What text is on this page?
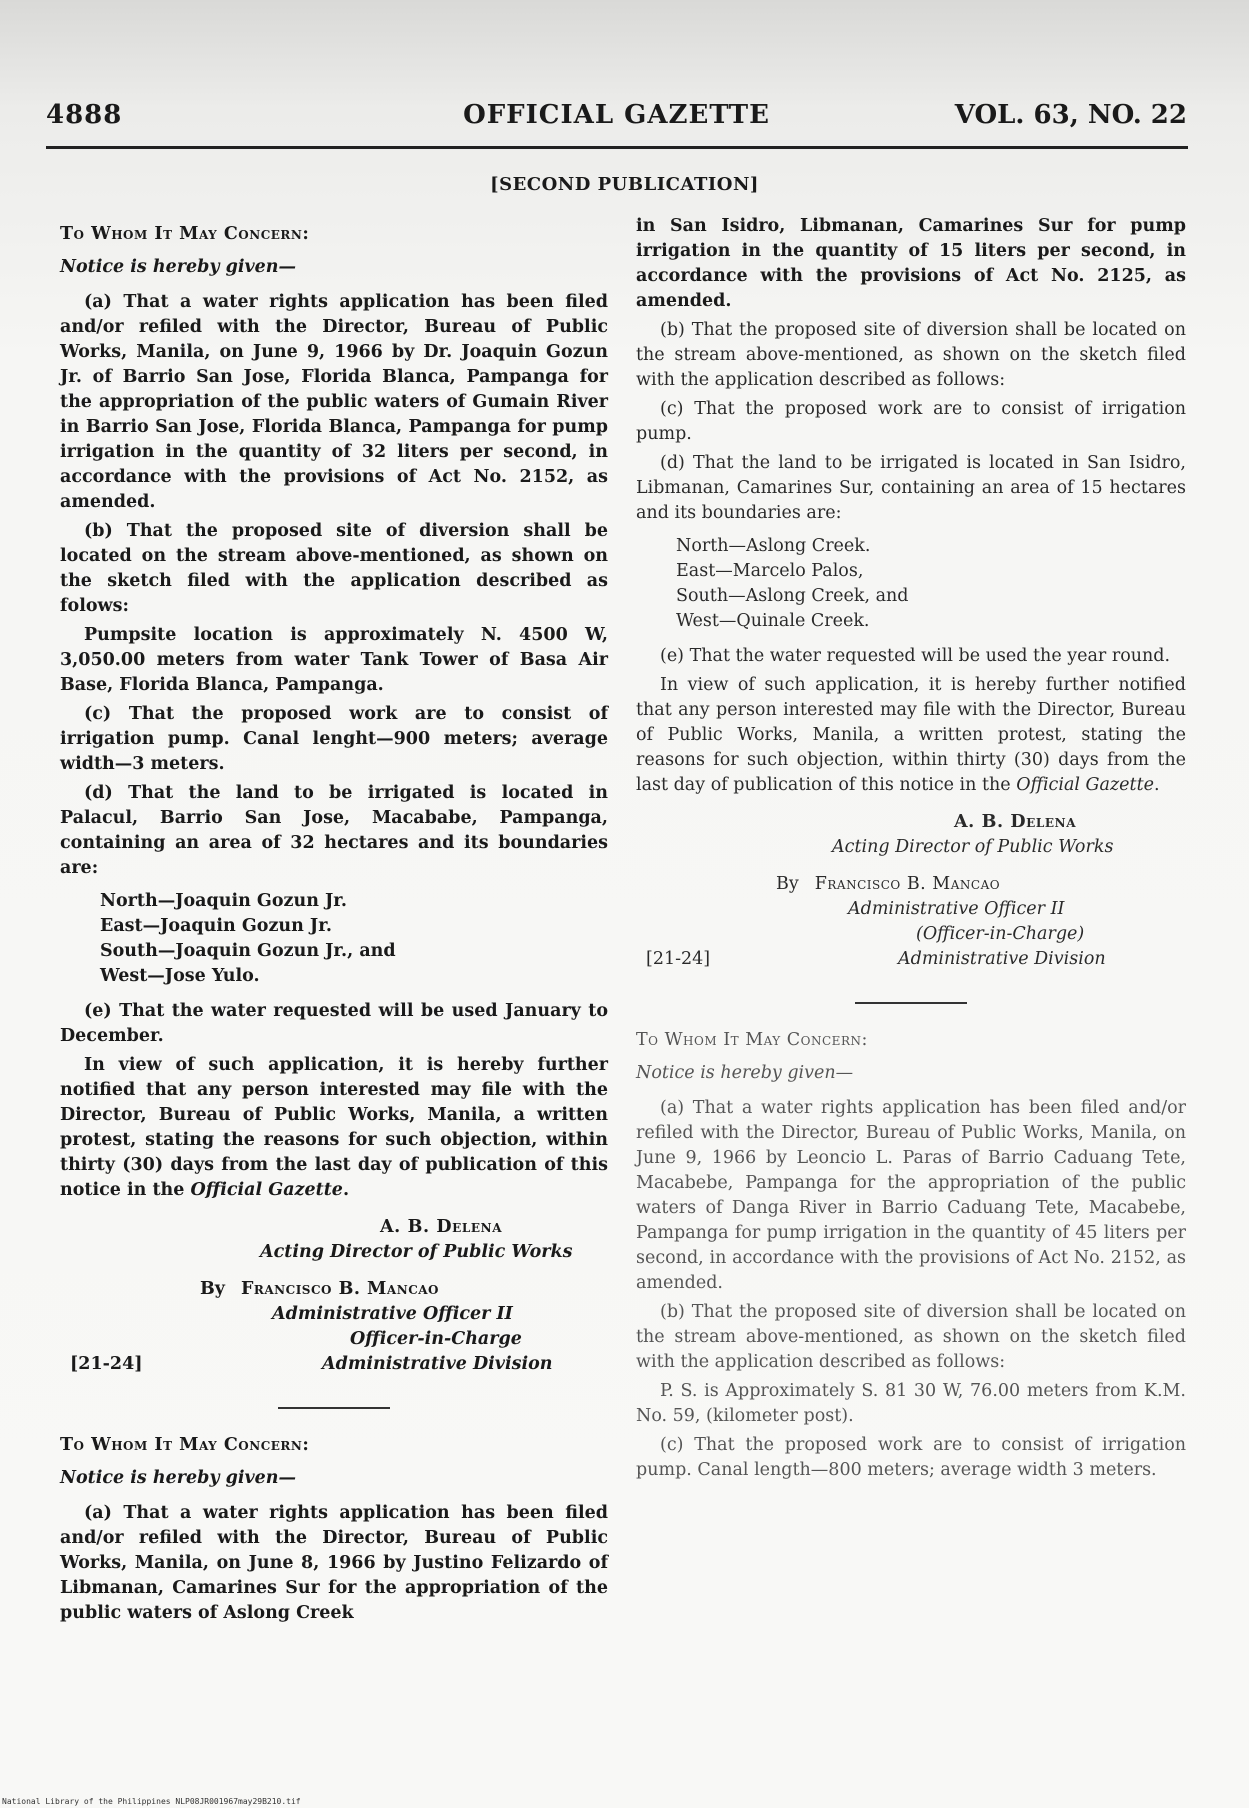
OFFICIAL GAZETTE
4888	VOL. 63, NO. 22
[SECOND PUBLICATION]
To Whom It May Concern:
Notice is hereby given—

(a) That a water rights application has been filed and/or refiled with the Director, Bureau of Public Works, Manila, on June 9, 1966 by Dr. Joaquin Gozun Jr. of Barrio San Jose, Florida Blanca, Pampanga for the appropriation of the public waters of Gumain River in Barrio San Jose, Florida Blanca, Pampanga for pump irrigation in the quantity of 32 liters per second, in accordance with the provisions of Act No. 2152, as amended.

(b) That the proposed site of diversion shall be located on the stream above-mentioned, as shown on the sketch filed with the application described as folows:

Pumpsite location is approximately N. 4500 W, 3,050.00 meters from water Tank Tower of Basa Air Base, Florida Blanca, Pampanga.

(c) That the proposed work are to consist of irrigation pump. Canal lenght—900 meters; average width—3 meters.

(d) That the land to be irrigated is located in Palacul, Barrio San Jose, Macababe, Pampanga, containing an area of 32 hectares and its boundaries are:

North—Joaquin Gozun Jr.
East—Joaquin Gozun Jr.
South—Joaquin Gozun Jr., and
West—Jose Yulo.

(e) That the water requested will be used January to December.

In view of such application, it is hereby further notified that any person interested may file with the Director, Bureau of Public Works, Manila, a written protest, stating the reasons for such objection, within thirty (30) days from the last day of publication of this notice in the Official Gazette.

A. B. Delena
Acting Director of Public Works
By Francisco B. Mancao
Administrative Officer II
Officer-in-Charge
Administrative Division
[21-24]
To Whom It May Concern:
Notice is hereby given—

(a) That a water rights application has been filed and/or refiled with the Director, Bureau of Public Works, Manila, on June 8, 1966 by Justino Felizardo of Libmanan, Camarines Sur for the appropriation of the public waters of Aslong Creek

in San Isidro, Libmanan, Camarines Sur for pump irrigation in the quantity of 15 liters per second, in accordance with the provisions of Act No. 2125, as amended.

(b) That the proposed site of diversion shall be located on the stream above-mentioned, as shown on the sketch filed with the application described as follows:

(c) That the proposed work are to consist of irrigation pump.

(d) That the land to be irrigated is located in San Isidro, Libmanan, Camarines Sur, containing an area of 15 hectares and its boundaries are:

North—Aslong Creek.
East—Marcelo Palos,
South—Aslong Creek, and
West—Quinale Creek.

(e) That the water requested will be used the year round.

In view of such application, it is hereby further notified that any person interested may file with the Director, Bureau of Public Works, Manila, a written protest, stating the reasons for such objection, within thirty (30) days from the last day of publication of this notice in the Official Gazette.

A. B. Delena
Acting Director of Public Works
By Francisco B. Mancao
Administrative Officer II
(Officer-in-Charge)
Administrative Division
[21-24]
To Whom It May Concern:
Notice is hereby given—

(a) That a water rights application has been filed and/or refiled with the Director, Bureau of Public Works, Manila, on June 9, 1966 by Leoncio L. Paras of Barrio Caduang Tete, Macabebe, Pampanga for the appropriation of the public waters of Danga River in Barrio Caduang Tete, Macabebe, Pampanga for pump irrigation in the quantity of 45 liters per second, in accordance with the provisions of Act No. 2152, as amended.

(b) That the proposed site of diversion shall be located on the stream above-mentioned, as shown on the sketch filed with the application described as follows:

P. S. is Approximately S. 81 30 W, 76.00 meters from K.M. No. 59, (kilometer post).

(c) That the proposed work are to consist of irrigation pump. Canal length—800 meters; average width 3 meters.

National Library of the Philippines NLP08JR001967may29B210.tif
